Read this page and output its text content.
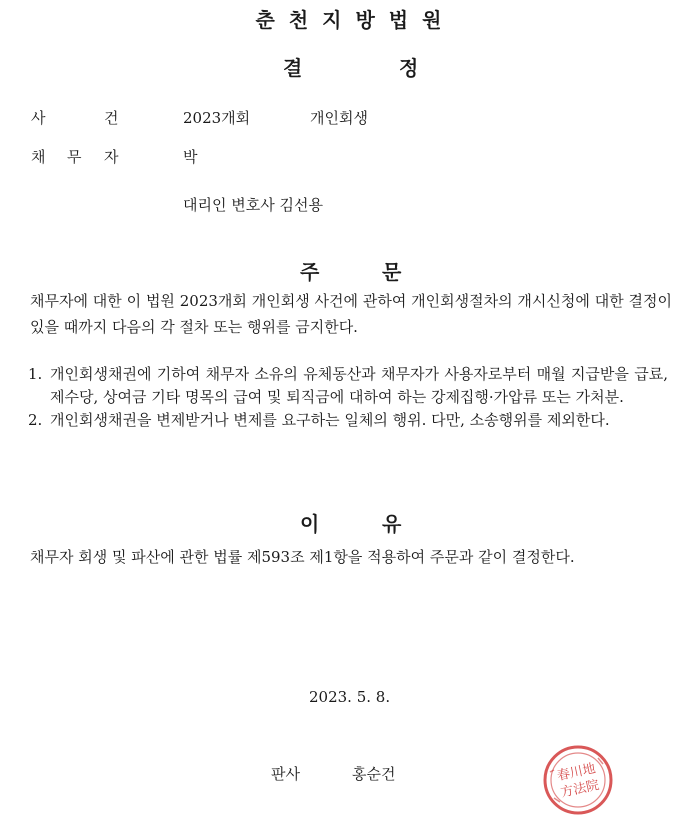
춘천지방법원
결	정
사	건	2023개회	개인회생
채 무 자	박
대리인 변호사 김선용
주	문
채무자에 대한 이 법원 2023개회 개인회생 사건에 관하여 개인회생절차의 개시신청에 대한 결정이 있을 때까지 다음의 각 절차 또는 행위를 금지한다.
1. 개인회생채권에 기하여 채무자 소유의 유체동산과 채무자가 사용자로부터 매월 지급받을 급료, 제수당, 상여금 기타 명목의 급여 및 퇴직금에 대하여 하는 강제집행·가압류 또는 가처분.
2. 개인회생채권을 변제받거나 변제를 요구하는 일체의 행위. 다만, 소송행위를 제외한다.
이	유
채무자 회생 및 파산에 관한 법률 제593조 제1항을 적용하여 주문과 같이 결정한다.
2023. 5. 8.
판사	홍순건	春川地
方法院
